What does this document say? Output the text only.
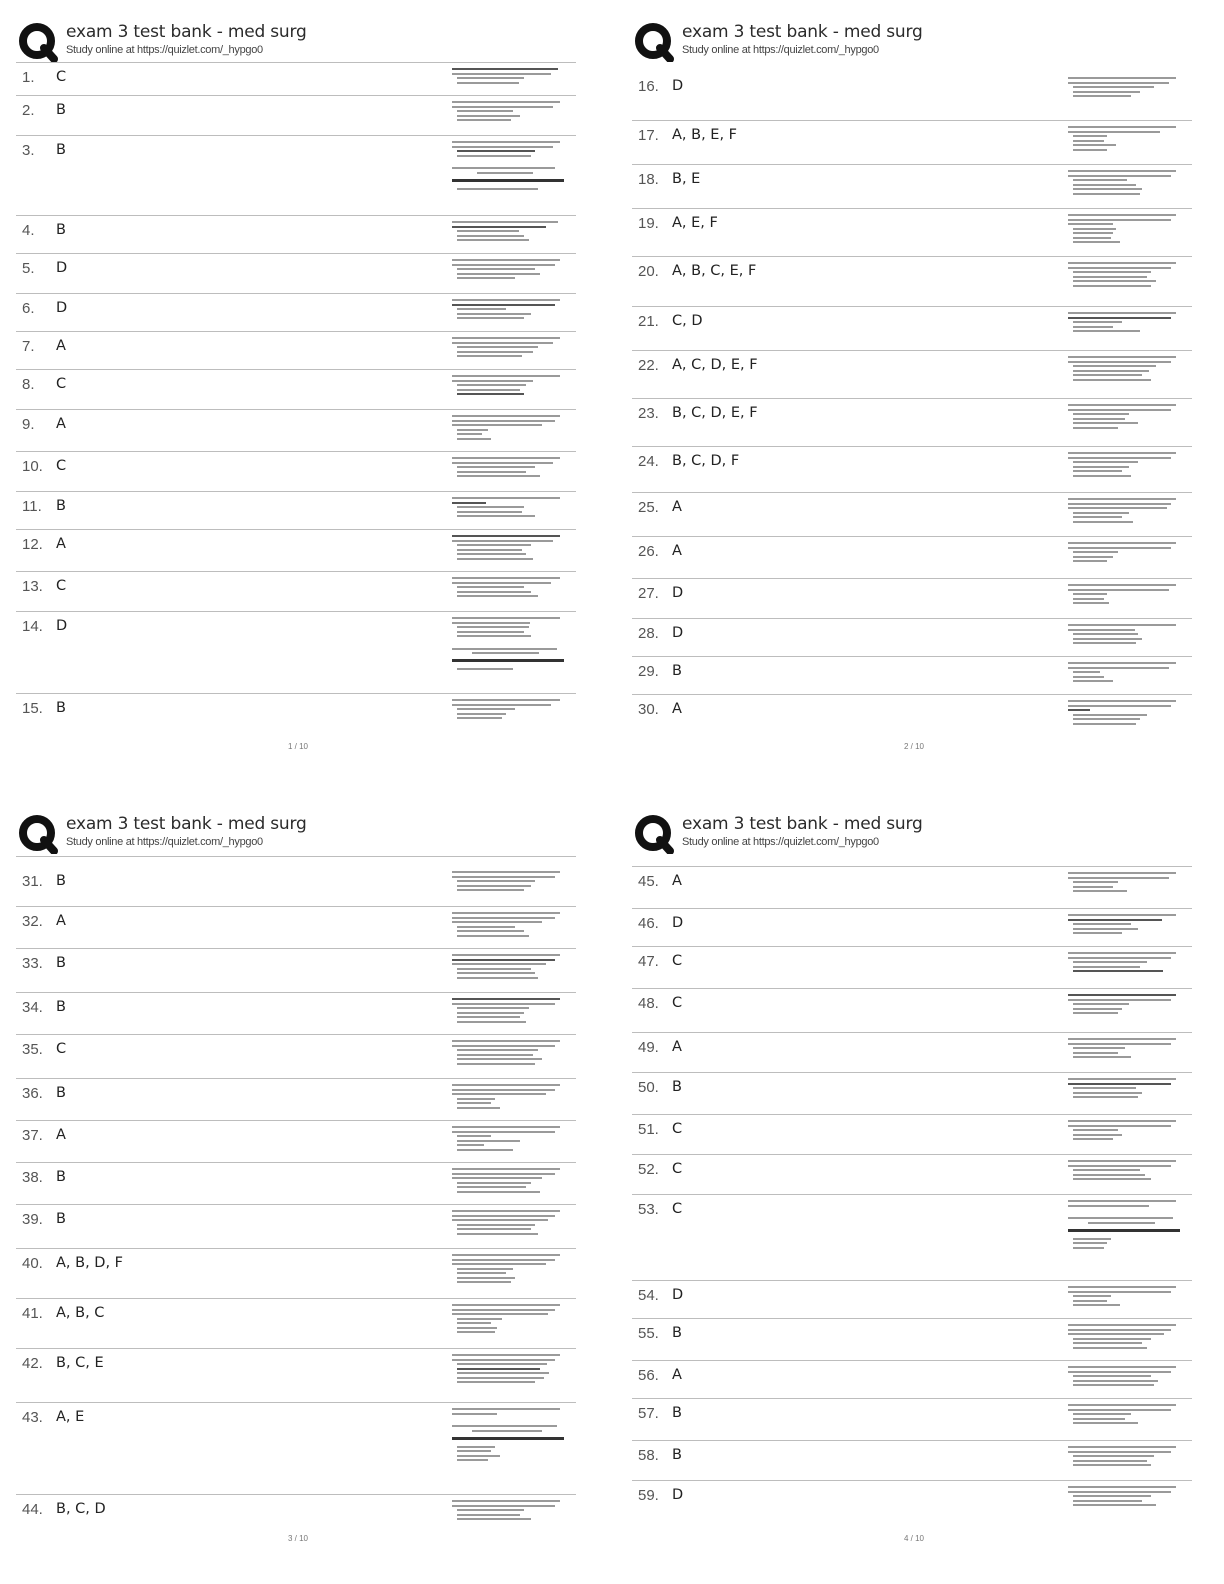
exam 3 test bank - med surg
Study online at https://quizlet.com/_hypgo0
1. C
2. B
3. B
4. B
5. D
6. D
7. A
8. C
9. A
10. C
11. B
12. A
13. C
14. D
15. B
1 / 10
exam 3 test bank - med surg
Study online at https://quizlet.com/_hypgo0
16. D
17. A, B, E, F
18. B, E
19. A, E, F
20. A, B, C, E, F
21. C, D
22. A, C, D, E, F
23. B, C, D, E, F
24. B, C, D, F
25. A
26. A
27. D
28. D
29. B
30. A
2 / 10
exam 3 test bank - med surg
Study online at https://quizlet.com/_hypgo0
31. B
32. A
33. B
34. B
35. C
36. B
37. A
38. B
39. B
40. A, B, D, F
41. A, B, C
42. B, C, E
43. A, E
44. B, C, D
3 / 10
exam 3 test bank - med surg
Study online at https://quizlet.com/_hypgo0
45. A
46. D
47. C
48. C
49. A
50. B
51. C
52. C
53. C
54. D
55. B
56. A
57. B
58. B
59. D
4 / 10
